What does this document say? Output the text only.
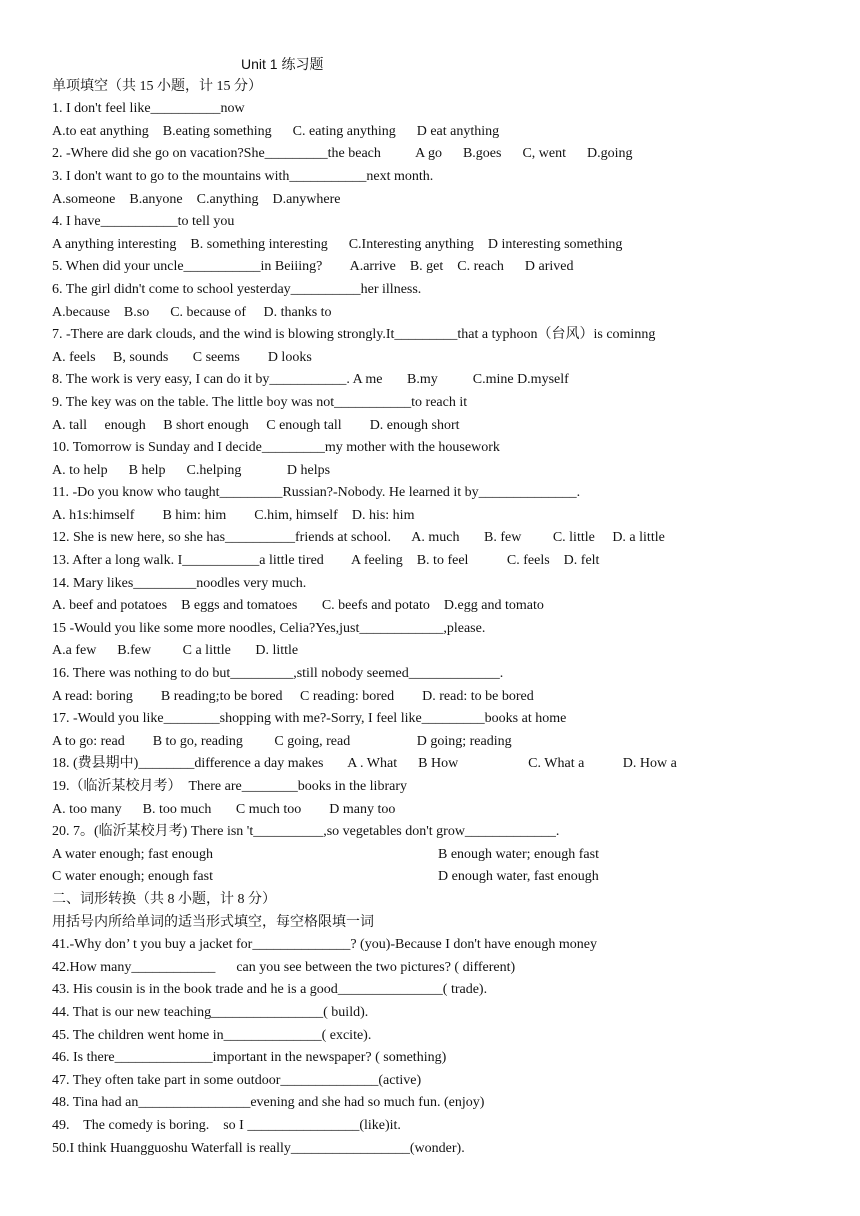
Unit 1 练习题
单项填空（共 15 小题，计 15 分）
1. I don't feel like__________now
A.to eat anything    B.eating something      C. eating anything      D eat anything
2. -Where did she go on vacation?She_________the beach          A go      B.goes      C, went      D.going
3. I don't want to go to the mountains with___________next month.
A.someone    B.anyone    C.anything    D.anywhere
4. I have___________to tell you
A anything interesting    B. something interesting      C.Interesting anything    D interesting something
5. When did your uncle___________in Beiiing?        A.arrive    B. get    C. reach      D arived
6. The girl didn't come to school yesterday__________her illness.
A.because    B.so      C. because of     D. thanks to
7. -There are dark clouds, and the wind is blowing strongly.It_________that a typhoon（台风）is cominng
A. feels     B, sounds       C seems        D looks
8. The work is very easy, I can do it by___________. A me       B.my          C.mine D.myself
9. The key was on the table. The little boy was not___________to reach it
A. tall     enough     B short enough     C enough tall        D. enough short
10. Tomorrow is Sunday and I decide_________my mother with the housework
A. to help      B help      C.helping             D helps
11. -Do you know who taught_________Russian?-Nobody. He learned it by______________.
A. h1s:himself        B him: him        C.him, himself    D. his: him
12. She is new here, so she has__________friends at school.      A. much       B. few         C. little     D. a little
13. After a long walk. I___________a little tired        A feeling    B. to feel           C. feels    D. felt
14. Mary likes_________noodles very much.
A. beef and potatoes    B eggs and tomatoes       C. beefs and potato    D.egg and tomato
15 -Would you like some more noodles, Celia?Yes,just____________,please.
A.a few      B.few         C a little       D. little
16. There was nothing to do but_________,still nobody seemed_____________.
A read: boring        B reading;to be bored     C reading: bored        D. read: to be bored
17. -Would you like________shopping with me?-Sorry, I feel like_________books at home
A to go: read        B to go, reading         C going, read                   D going; reading
18. (费县期中)________difference a day makes       A . What      B How                    C. What a           D. How a
19.（临沂某校月考）  There are________books in the library
A. too many      B. too much       C much too        D many too
20. 7。(临沂某校月考) There isn 't__________,so vegetables don't grow_____________.

A water enough; fast enough

	B enough water; enough fast

C water enough; enough fast

	D enough water, fast enough

二、词形转换（共 8 小题，计 8 分）
用括号内所给单词的适当形式填空，每空格限填一词
41.-Why don’ t you buy a jacket for______________? (you)-Because I don't have enough money
42.How many____________      can you see between the two pictures? ( different)
43. His cousin is in the book trade and he is a good_______________( trade).
44. That is our new teaching________________( build).
45. The children went home in______________( excite).
46. Is there______________important in the newspaper? ( something)
47. They often take part in some outdoor______________(active)
48. Tina had an________________evening and she had so much fun. (enjoy)
49.    The comedy is boring.    so I ________________(like)it.
50.I think Huangguoshu Waterfall is really_________________(wonder).
